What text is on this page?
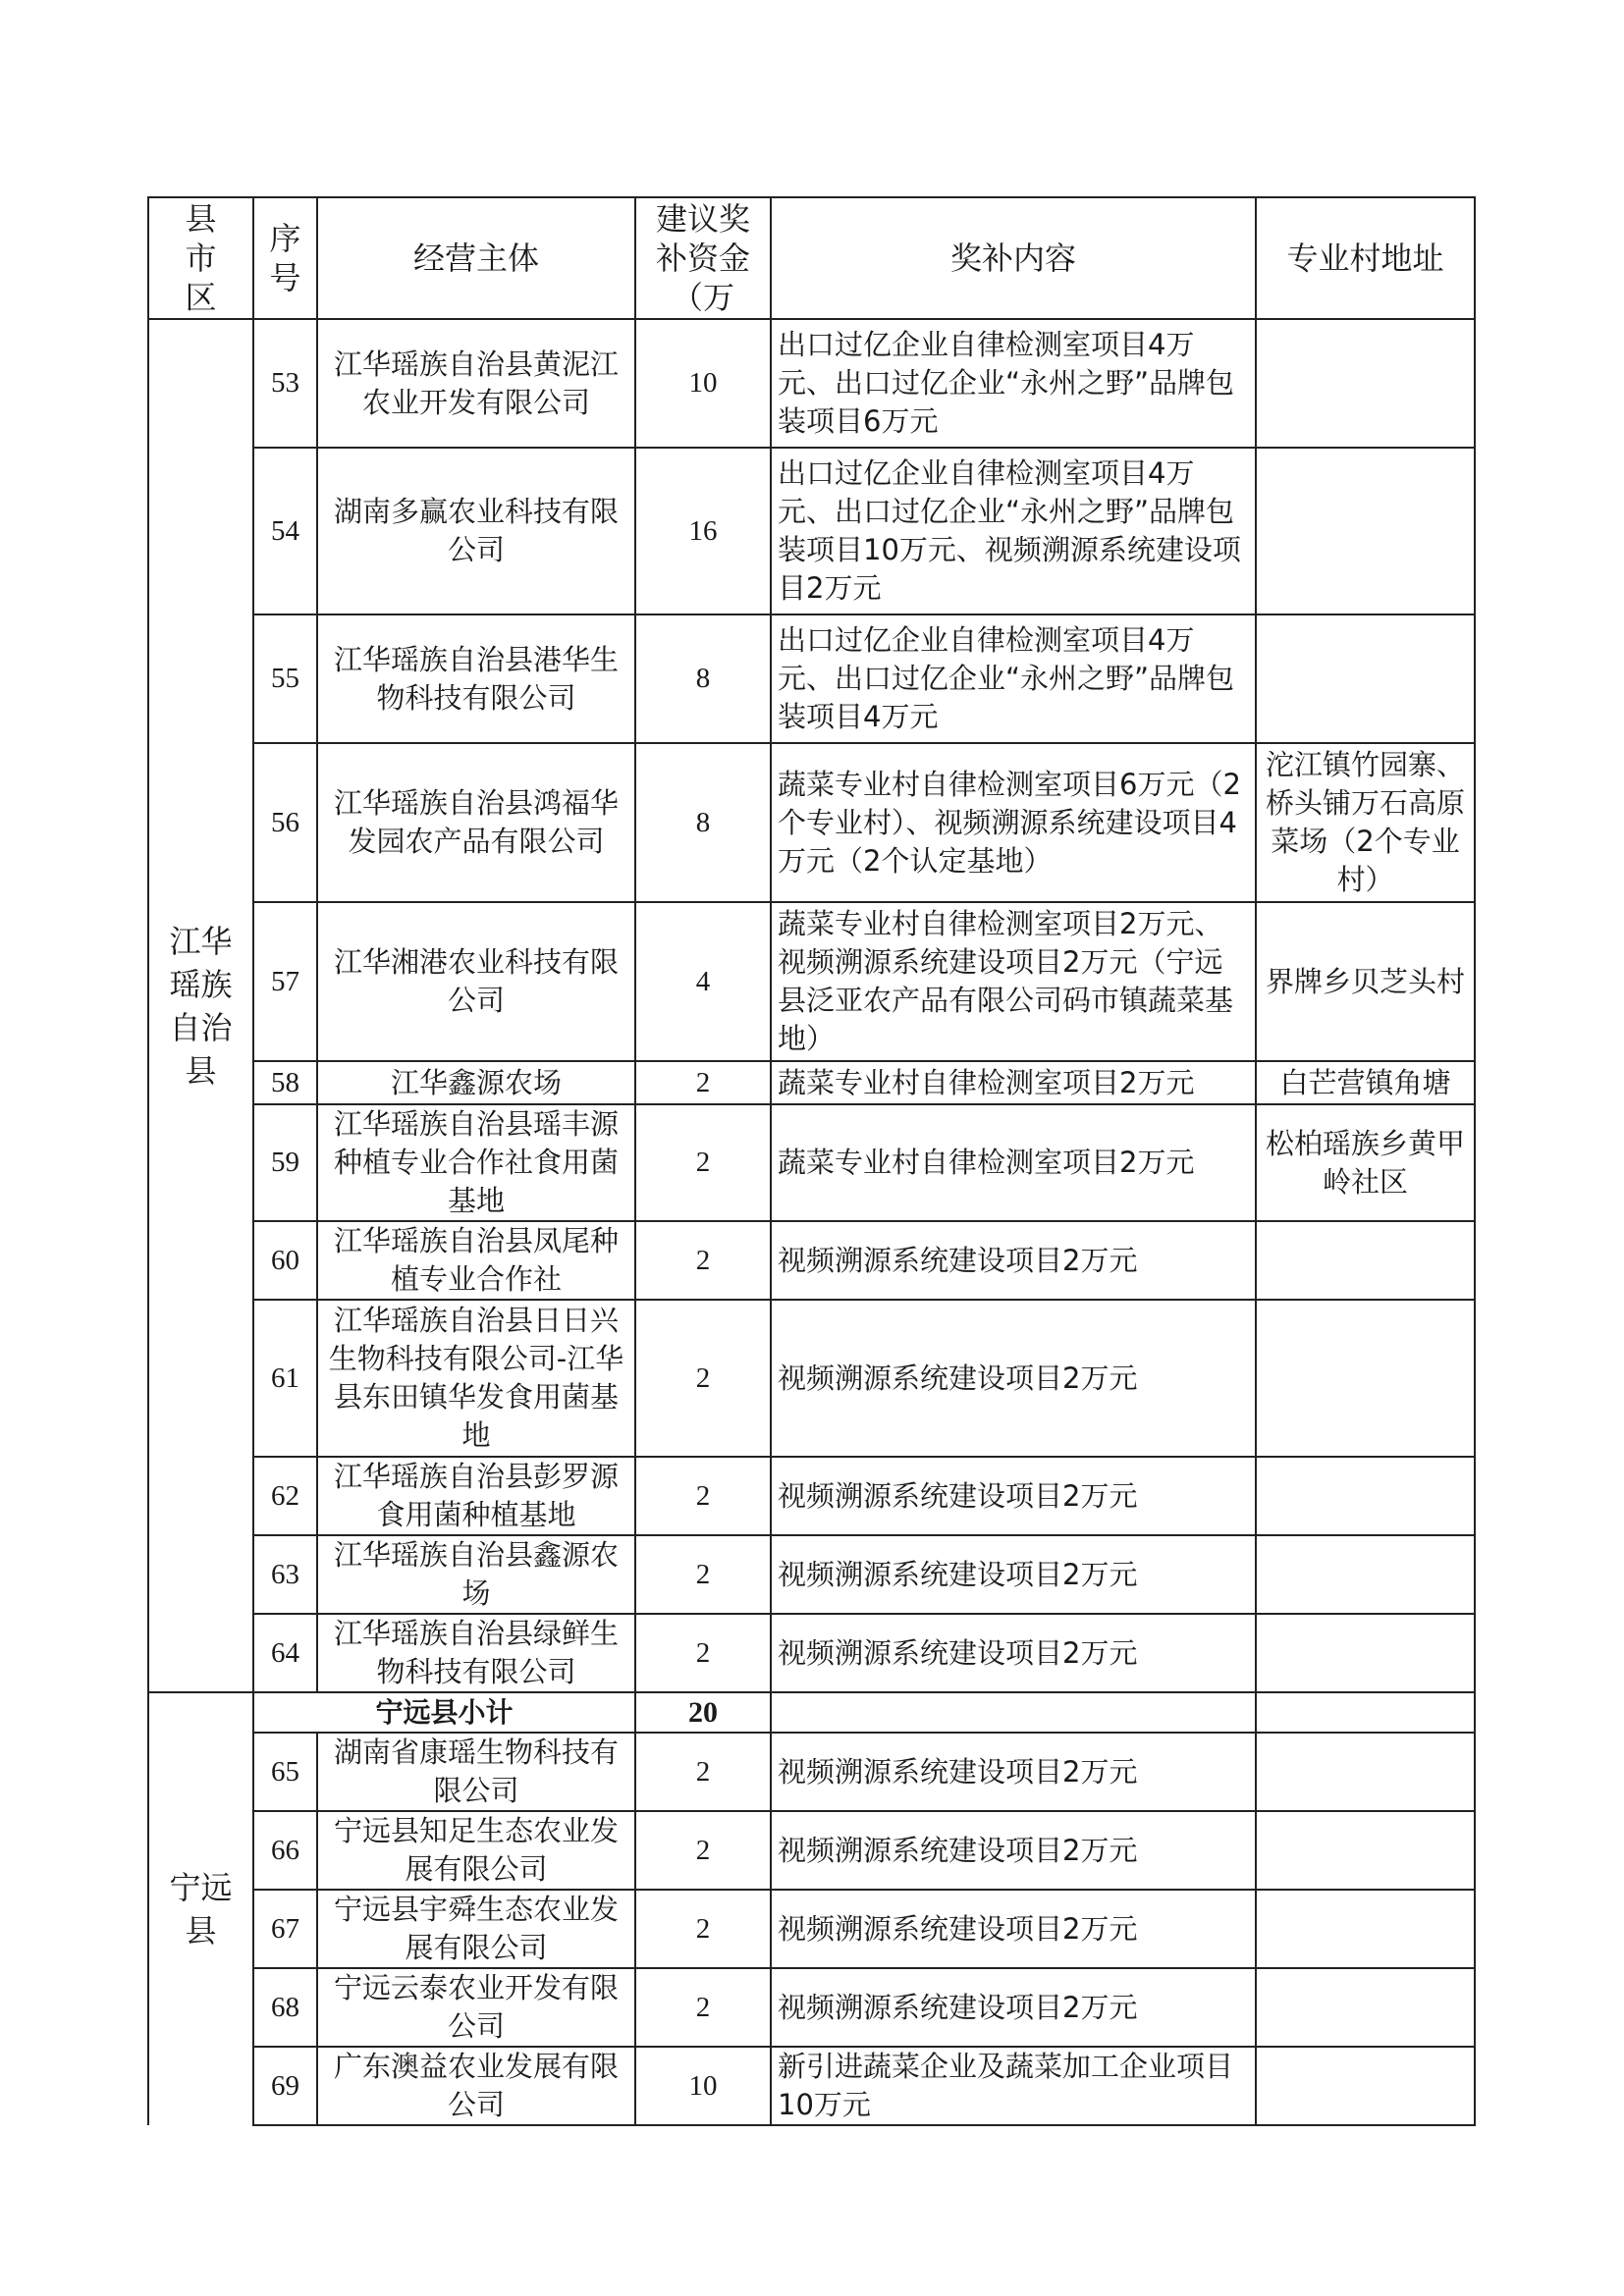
县市区	序号	经营主体	建议奖补资金（万	奖补内容	专业村地址
江华瑶族自治县	53	江华瑶族自治县黄泥江农业开发有限公司	10	出口过亿企业自律检测室项目4万元、出口过亿企业“永州之野”品牌包装项目6万元	
	54	湖南多赢农业科技有限公司	16	出口过亿企业自律检测室项目4万元、出口过亿企业“永州之野”品牌包装项目10万元、视频溯源系统建设项目2万元	
	55	江华瑶族自治县港华生物科技有限公司	8	出口过亿企业自律检测室项目4万元、出口过亿企业“永州之野”品牌包装项目4万元	
	56	江华瑶族自治县鸿福华发园农产品有限公司	8	蔬菜专业村自律检测室项目6万元（2个专业村）、视频溯源系统建设项目4万元（2个认定基地）	沱江镇竹园寨、桥头铺万石高原菜场（2个专业村）
	57	江华湘港农业科技有限公司	4	蔬菜专业村自律检测室项目2万元、视频溯源系统建设项目2万元（宁远县泛亚农产品有限公司码市镇蔬菜基地）	界牌乡贝芝头村
	58	江华鑫源农场	2	蔬菜专业村自律检测室项目2万元	白芒营镇角塘
	59	江华瑶族自治县瑶丰源种植专业合作社食用菌基地	2	蔬菜专业村自律检测室项目2万元	松柏瑶族乡黄甲岭社区
	60	江华瑶族自治县凤尾种植专业合作社	2	视频溯源系统建设项目2万元	
	61	江华瑶族自治县日日兴生物科技有限公司-江华县东田镇华发食用菌基地	2	视频溯源系统建设项目2万元	
	62	江华瑶族自治县彭罗源食用菌种植基地	2	视频溯源系统建设项目2万元	
	63	江华瑶族自治县鑫源农场	2	视频溯源系统建设项目2万元	
	64	江华瑶族自治县绿鲜生物科技有限公司	2	视频溯源系统建设项目2万元	
宁远县	宁远县小计		20		
	65	湖南省康瑶生物科技有限公司	2	视频溯源系统建设项目2万元	
	66	宁远县知足生态农业发展有限公司	2	视频溯源系统建设项目2万元	
	67	宁远县宇舜生态农业发展有限公司	2	视频溯源系统建设项目2万元	
	68	宁远云泰农业开发有限公司	2	视频溯源系统建设项目2万元	
	69	广东澳益农业发展有限公司	10	新引进蔬菜企业及蔬菜加工企业项目10万元	
